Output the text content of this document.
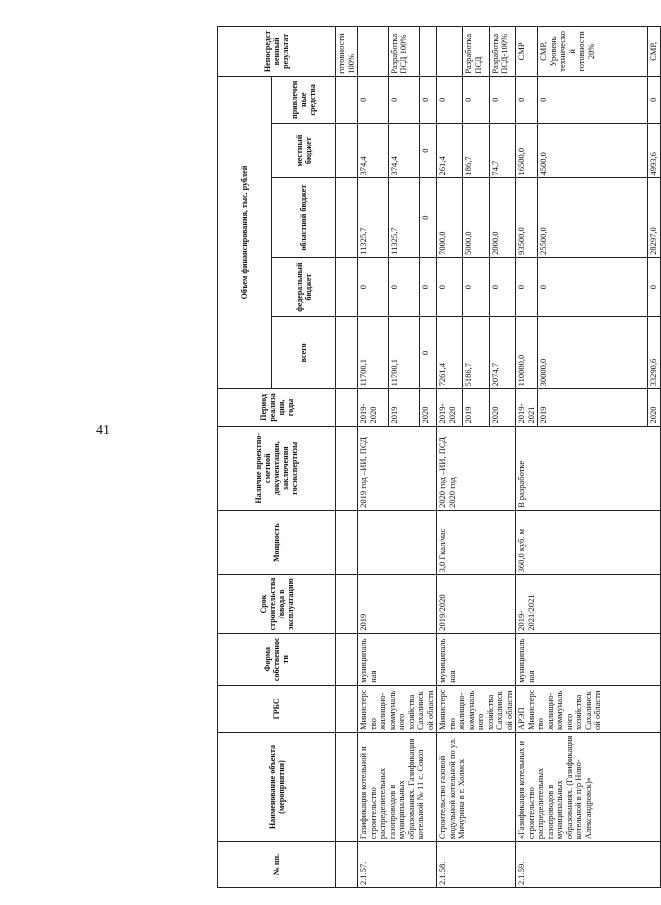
41
№ пп.	Наименование объекта (мероприятия)	ГРБС	Форма собственности	Срок строительства/ввода в эксплуатацию	Мощность	Наличие проектно-сметной документации, заключения госэкспертизы	Период реализации, годы	Объем финансирования, тыс. рублей					Непосредственный результат
								всего	федеральный бюджет	областной бюджет	местный бюджет	привлеченные средства	
													готовности 100%
2.1.57.	Газификация котельной и строительство распределительных газопроводов в муниципальных образованиях. Газификация котельной № 11 с. Сокол	Министерство жилищно-коммунального хозяйства Сахалинской области	муниципальная	2019		2019 год –ИИ, ПСД	2019-2020	11700,1	0	11325,7	374,4	0	
							2019	11700,1	0	11325,7	374,4	0	Разработка ПСД 100%
							2020	0	0	0	0	0	
2.1.58.	Строительство газовой модульной котельной по ул. Мичурина в г. Холмск	Министерство жилищно-коммунального хозяйства Сахалинской области	муниципальная	2019/2020	3,0 Гкал/час	2020 год –ИИ, ПСД 2020 год	2019-2020	7261,4	0	7000,0	261,4	0	
							2019	5186,7	0	5000,0	186,7	0	Разработка ПСД
							2020	2074,7	0	2000,0	74,7	0	Разработка ПСД-100%
2.1.59.	«Газификация котельных и строительство распределительных газопроводов в муниципальных образованиях. (Газификация котельной в п/р Ново-Александровск)»	АРЭП Министерство жилищно-коммунального хозяйства Сахалинской области	муниципальная	2019-2021/2021	360,0 куб. м	В разработке	2019-2021	110000,0	0	93500,0	16500,0	0	СМР
							2019	30000,0	0	25500,0	4500,0	0	СМР, Уровень технической готовности 20%
							2020	33290,6	0	28297,0	4993,6	0	СМР,
